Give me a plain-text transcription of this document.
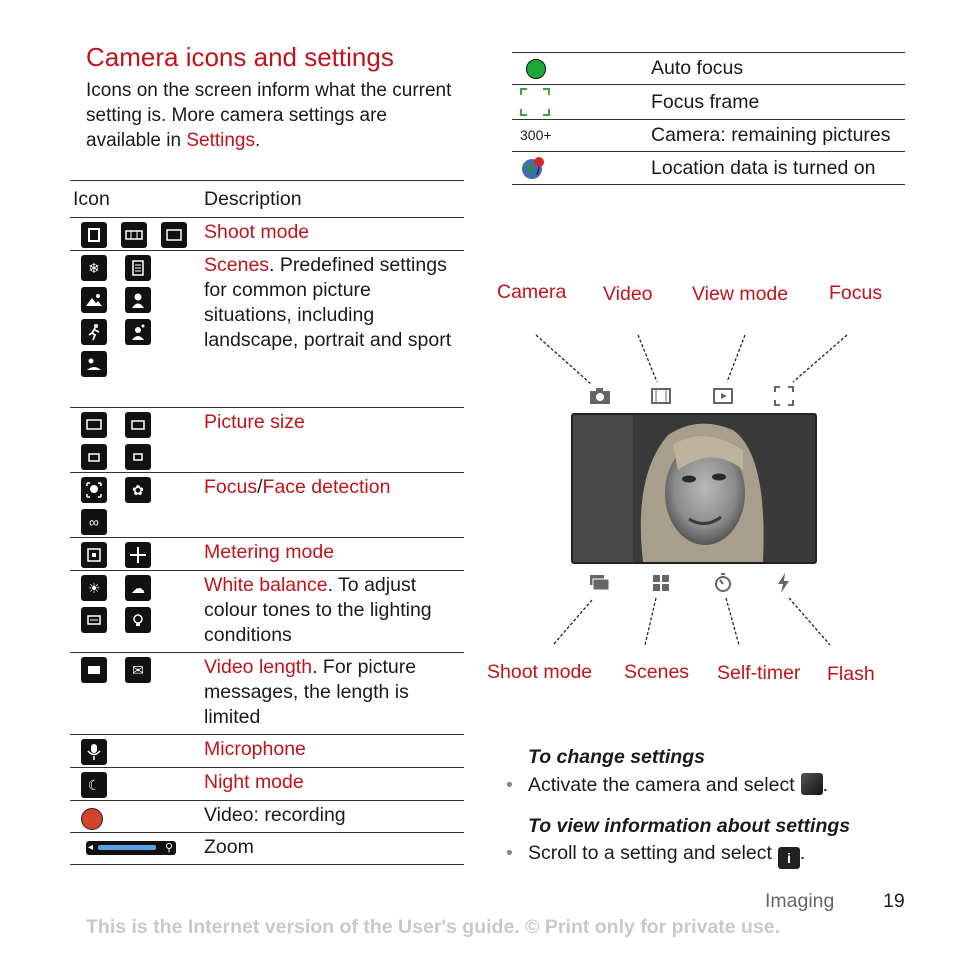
Camera icons and settings
Icons on the screen inform what the current setting is. More camera settings are available in Settings.
Icon	Description

	Shoot mode

❄	Scenes. Predefined settings for common picture situations, including landscape, portrait and sport

	Picture size

✿
∞	Focus/Face detection

	Metering mode

☀ ☁	White balance. To adjust colour tones to the lighting conditions

✉	Video length. For picture messages, the length is limited

	Microphone

☾	Night mode

	Video: recording

◂ ⚲	Zoom
	Auto focus
	Focus frame
300+	Camera: remaining pictures
	Location data is turned on
Camera Video View mode Focus
Shoot mode Scenes Self-timer Flash
To change settings
• Activate the camera and select .
To view information about settings
• Scroll to a setting and select i .
Imaging 19
This is the Internet version of the User's guide. © Print only for private use.
